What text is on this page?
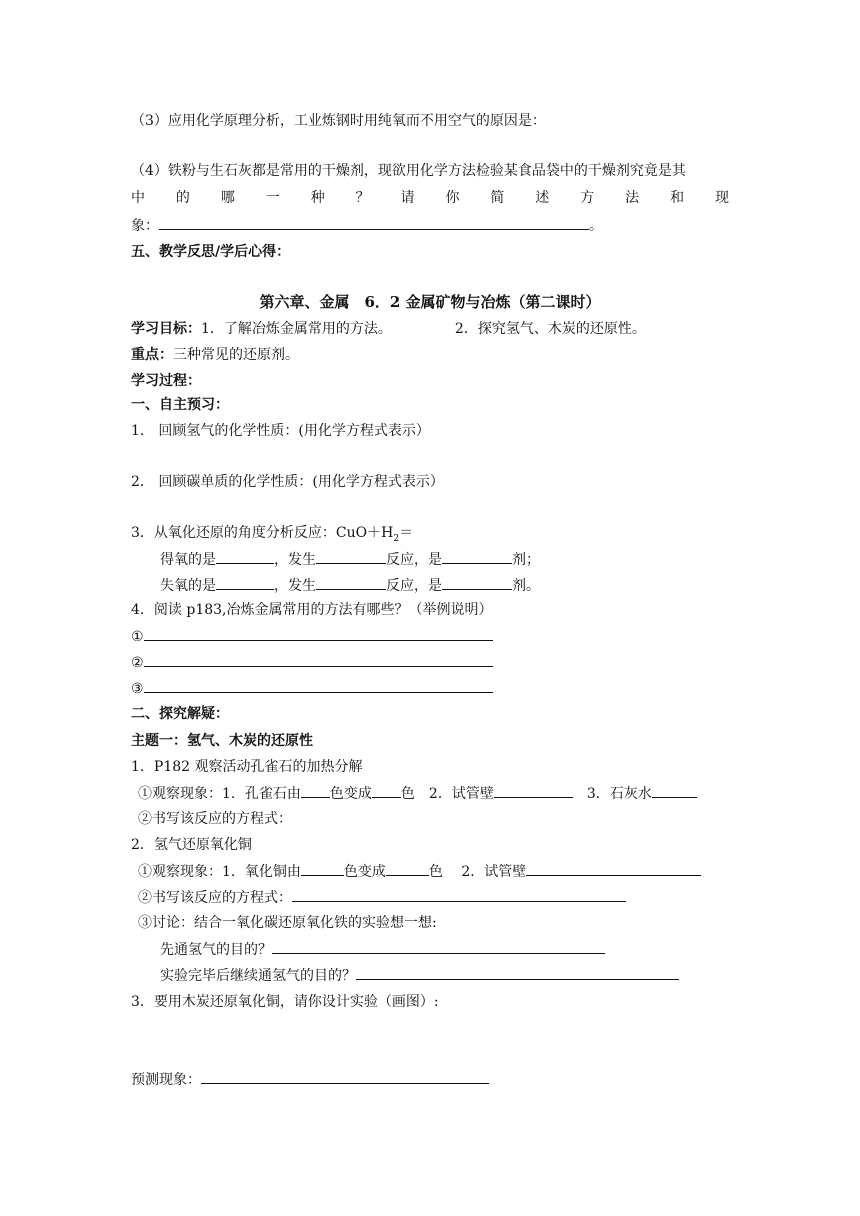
（3）应用化学原理分析，工业炼钢时用纯氧而不用空气的原因是：
（4）铁粉与生石灰都是常用的干燥剂，现欲用化学方法检验某食品袋中的干燥剂究竟是其
中 的 哪 一 种 ？ 请 你 简 述 方 法 和 现
象：	。
五、教学反思/学后心得：
第六章、金属　6．2 金属矿物与冶炼（第二课时）
学习目标：1．了解冶炼金属常用的方法。	2．探究氢气、木炭的还原性。
重点：三种常见的还原剂。
学习过程：
一、自主预习：
1． 回顾氢气的化学性质：(用化学方程式表示）
2． 回顾碳单质的化学性质：(用化学方程式表示）
3．从氧化还原的角度分析反应：$CuO+H_2=$
得氧的是	，发生	反应，是	剂；
失氧的是	，发生	反应，是	剂。
4．阅读 p183,冶炼金属常用的方法有哪些？（举例说明）
①
②
③
二、探究解疑：
主题一：氢气、木炭的还原性
1．P182 观察活动孔雀石的加热分解
①观察现象：1．孔雀石由 色变成 色　2．试管壁	　3．石灰水
②书写该反应的方程式：
2．氢气还原氧化铜
①观察现象：1．氧化铜由	色变成	色　 2．试管壁
②书写该反应的方程式：
③讨论：结合一氧化碳还原氧化铁的实验想一想:
先通氢气的目的？
实验完毕后继续通氢气的目的？
3．要用木炭还原氧化铜，请你设计实验（画图）:
预测现象：
